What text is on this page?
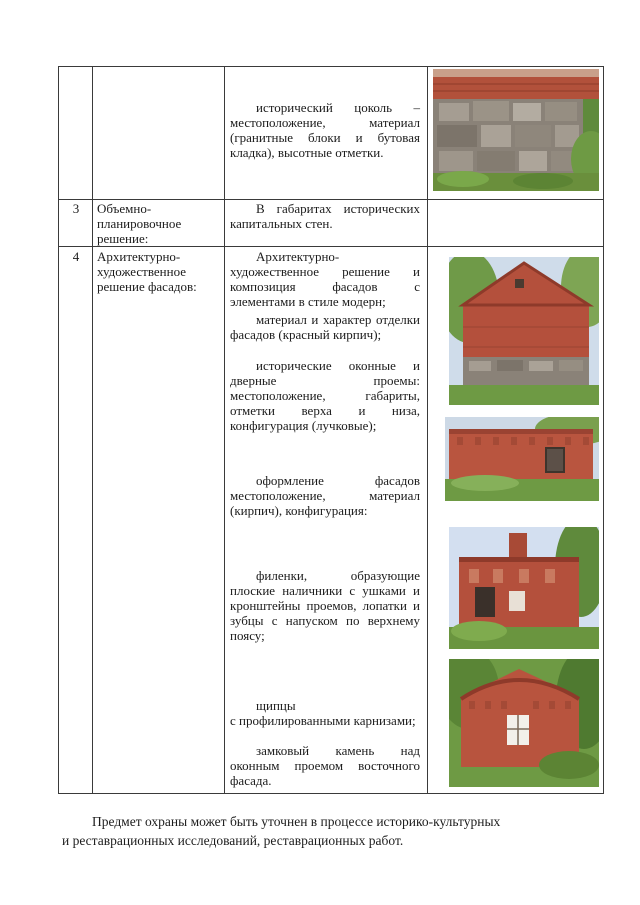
исторический цоколь – местоположение, материал (гранитные блоки и бутовая кладка), высотные отметки.
3	Объемно-планировочное решение:
В габаритах исторических капитальных стен.
4	Архитектурно-художественное решение фасадов:
Архитектурно-художественное решение и композиция фасадов с элементами в стиле модерн;
материал и характер отделки фасадов (красный кирпич);
исторические оконные и дверные проемы: местоположение, габариты, отметки верха и низа, конфигурация (лучковые);
оформление фасадов местоположение, материал (кирпич), конфигурация:
филенки, образующие плоские наличники с ушками и кронштейны проемов, лопатки и зубцы с напуском по верхнему поясу;
щипцы
с профилированными карнизами;
замковый камень над оконным проемом восточного фасада.
Предмет охраны может быть уточнен в процессе историко-культурных
и реставрационных исследований, реставрационных работ.
